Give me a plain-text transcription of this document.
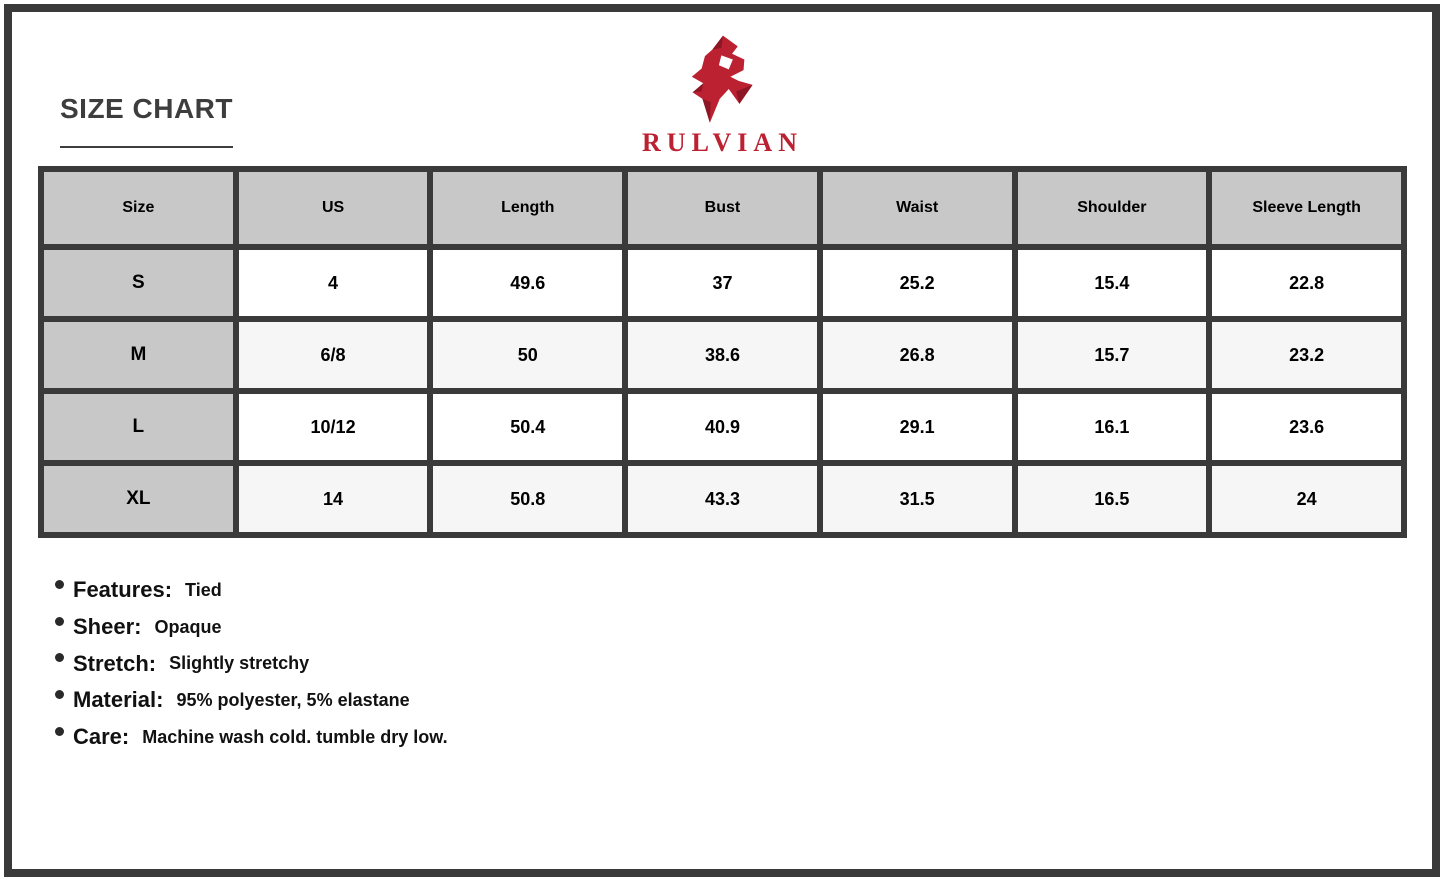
SIZE CHART
RULVIAN
Size	US	Length	Bust	Waist	Shoulder	Sleeve Length
S	4	49.6	37	25.2	15.4	22.8
M	6/8	50	38.6	26.8	15.7	23.2
L	10/12	50.4	40.9	29.1	16.1	23.6
XL	14	50.8	43.3	31.5	16.5	24
Features: Tied
Sheer: Opaque
Stretch: Slightly stretchy
Material: 95% polyester, 5% elastane
Care: Machine wash cold. tumble dry low.
